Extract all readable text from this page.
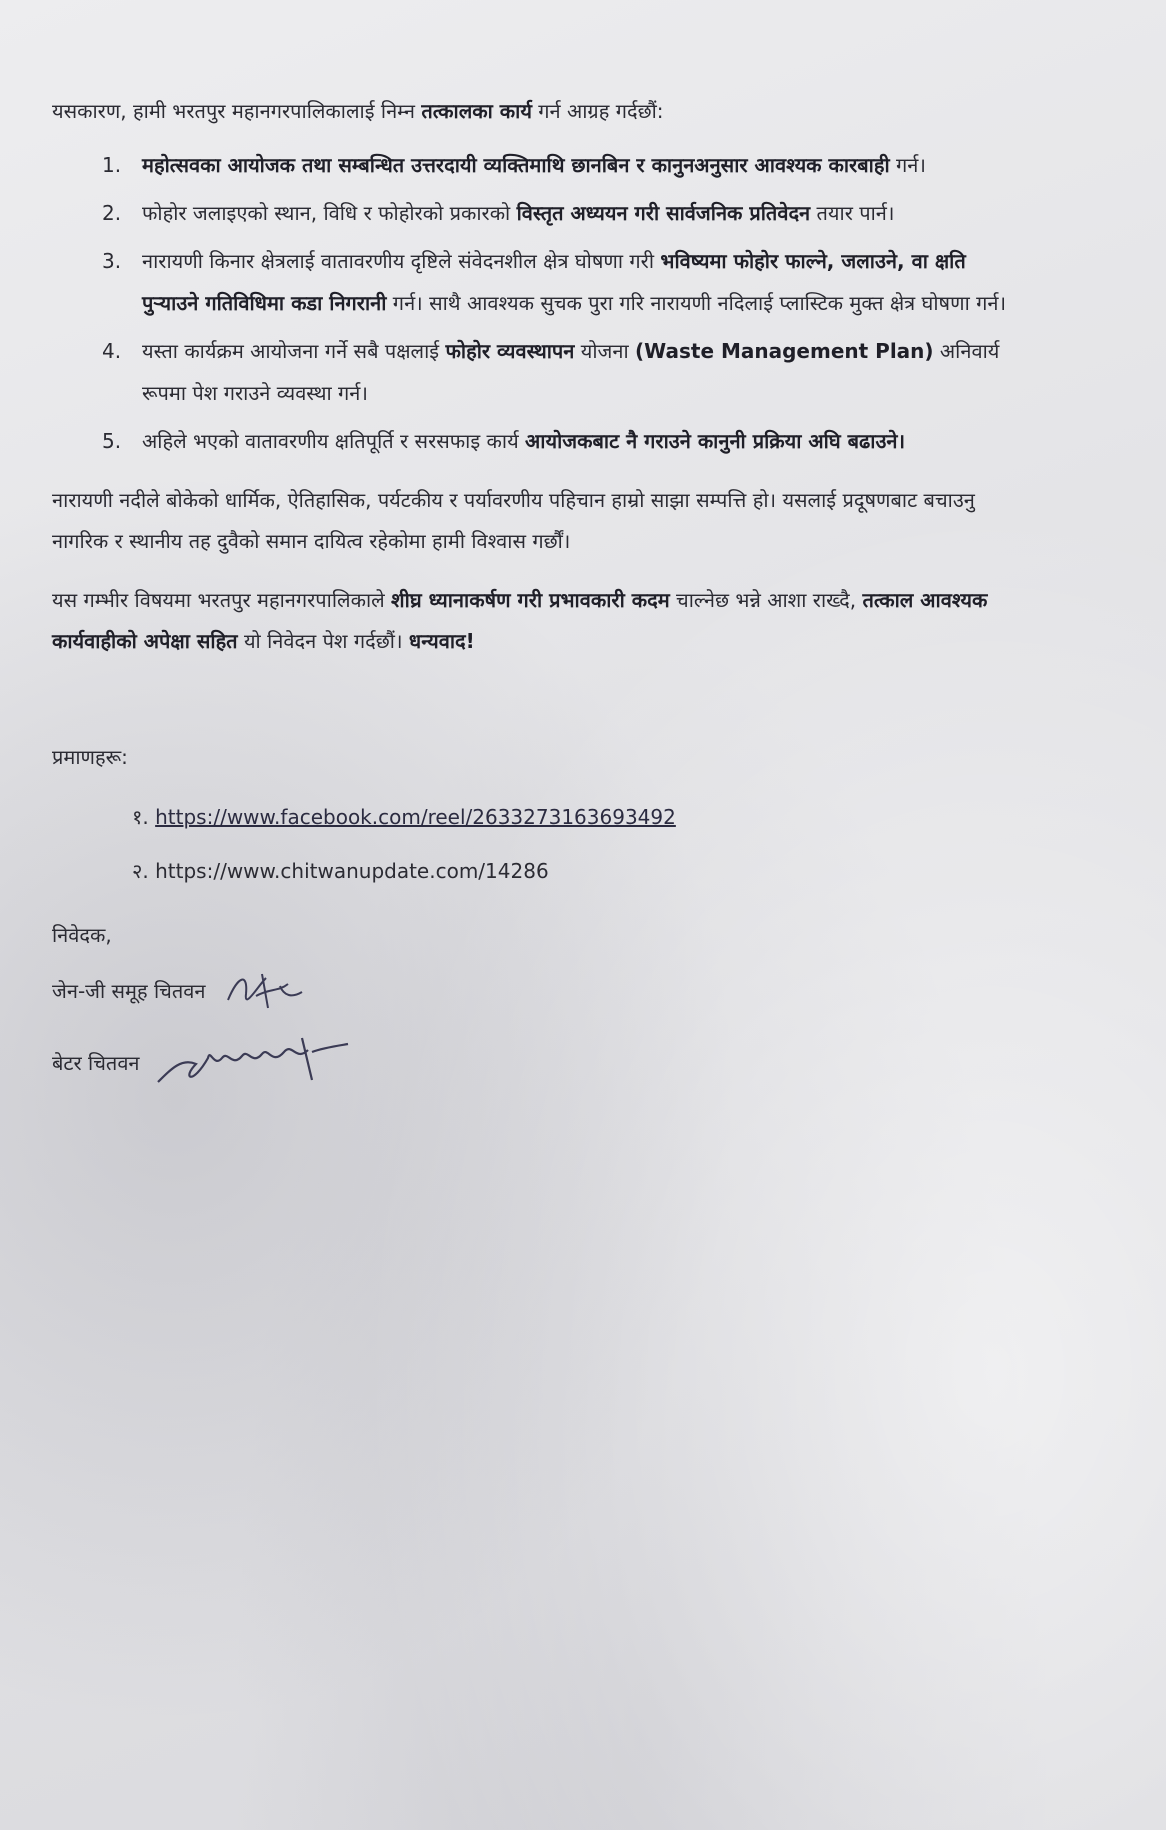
यसकारण, हामी भरतपुर महानगरपालिकालाई निम्न तत्कालका कार्य गर्न आग्रह गर्दछौं:

1. महोत्सवका आयोजक तथा सम्बन्धित उत्तरदायी व्यक्तिमाथि छानबिन र कानुनअनुसार आवश्यक कारबाही गर्न।
2. फोहोर जलाइएको स्थान, विधि र फोहोरको प्रकारको विस्तृत अध्ययन गरी सार्वजनिक प्रतिवेदन तयार पार्न।
3. नारायणी किनार क्षेत्रलाई वातावरणीय दृष्टिले संवेदनशील क्षेत्र घोषणा गरी भविष्यमा फोहोर फाल्ने, जलाउने, वा क्षति पुर्‍याउने गतिविधिमा कडा निगरानी गर्न। साथै आवश्यक सुचक पुरा गरि नारायणी नदिलाई प्लास्टिक मुक्त क्षेत्र घोषणा गर्न।
4. यस्ता कार्यक्रम आयोजना गर्ने सबै पक्षलाई फोहोर व्यवस्थापन योजना (Waste Management Plan) अनिवार्य रूपमा पेश गराउने व्यवस्था गर्न।
5. अहिले भएको वातावरणीय क्षतिपूर्ति र सरसफाइ कार्य आयोजकबाट नै गराउने कानुनी प्रक्रिया अघि बढाउने।

नारायणी नदीले बोकेको धार्मिक, ऐतिहासिक, पर्यटकीय र पर्यावरणीय पहिचान हाम्रो साझा सम्पत्ति हो। यसलाई प्रदूषणबाट बचाउनु नागरिक र स्थानीय तह दुवैको समान दायित्व रहेकोमा हामी विश्वास गर्छौं।

यस गम्भीर विषयमा भरतपुर महानगरपालिकाले शीघ्र ध्यानाकर्षण गरी प्रभावकारी कदम चाल्नेछ भन्ने आशा राख्दै, तत्काल आवश्यक कार्यवाहीको अपेक्षा सहित यो निवेदन पेश गर्दछौं। धन्यवाद!

प्रमाणहरू:

१. https://www.facebook.com/reel/2633273163693492
२. https://www.chitwanupdate.com/14286

निवेदक,

जेन-जी समूह चितवन
बेटर चितवन
